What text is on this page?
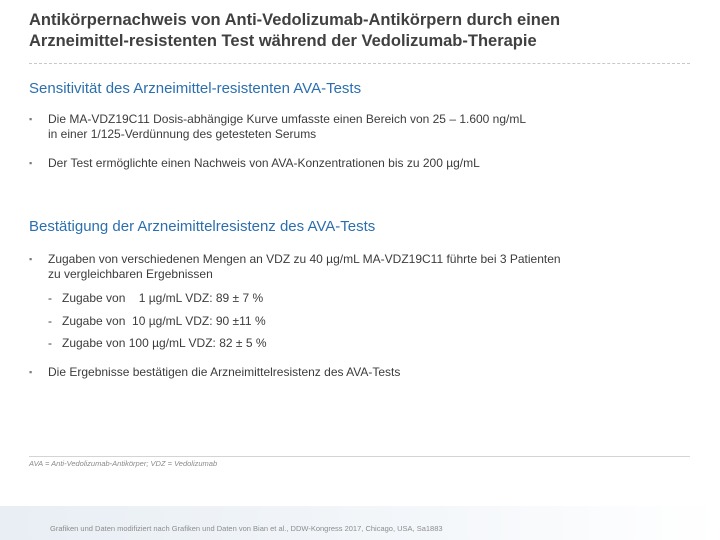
Antikörpernachweis von Anti-Vedolizumab-Antikörpern durch einen
Arzneimittel-resistenten Test während der Vedolizumab-Therapie
Sensitivität des Arzneimittel-resistenten AVA-Tests
▪ Die MA-VDZ19C11 Dosis-abhängige Kurve umfasste einen Bereich von 25 – 1.600 ng/mL
in einer 1/125-Verdünnung des getesteten Serums
▪ Der Test ermöglichte einen Nachweis von AVA-Konzentrationen bis zu 200 µg/mL
Bestätigung der Arzneimittelresistenz des AVA-Tests
▪ Zugaben von verschiedenen Mengen an VDZ zu 40 µg/mL MA-VDZ19C11 führte bei 3 Patienten
zu vergleichbaren Ergebnissen
- Zugabe von    1 µg/mL VDZ: 89 ± 7 %
- Zugabe von  10 µg/mL VDZ: 90 ±11 %
- Zugabe von 100 µg/mL VDZ: 82 ± 5 %
▪ Die Ergebnisse bestätigen die Arzneimittelresistenz des AVA-Tests
AVA = Anti-Vedolizumab-Antikörper; VDZ = Vedolizumab
Grafiken und Daten modifiziert nach Grafiken und Daten von Bian et al., DDW-Kongress 2017, Chicago, USA, Sa1883
